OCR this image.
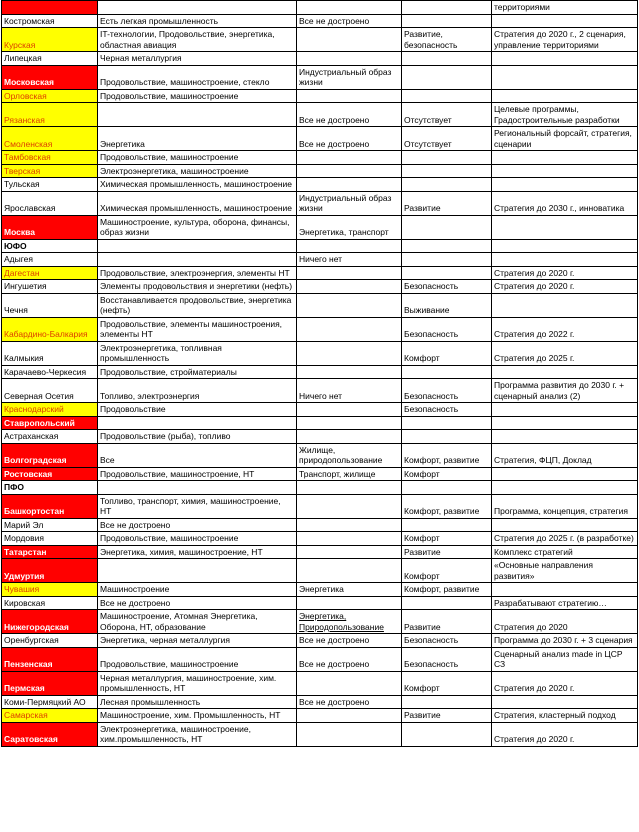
				территориями
Костромская	Есть легкая промышленность	Все не достроено		
Курская	IT-технологии, Продовольствие, энергетика, областная авиация		Развитие, безопасность	Стратегия до 2020 г., 2 сценария, управление территориями
Липецкая	Черная металлургия			
Московская	Продовольствие, машиностроение, стекло	Индустриальный образ жизни		
Орловская	Продовольствие, машиностроение			
Рязанская		Все не достроено	Отсутствует	Целевые программы, Градостроительные разработки
Смоленская	Энергетика	Все не достроено	Отсутствует	Региональный форсайт, стратегия, сценарии
Тамбовская	Продовольствие, машиностроение			
Тверская	Электроэнергетика, машиностроение			
Тульская	Химическая промышленность, машиностроение			
Ярославская	Химическая промышленность, машиностроение	Индустриальный образ жизни	Развитие	Стратегия до 2030 г., инноватика
Москва	Машиностроение, культура, оборона, финансы, образ жизни	Энергетика, транспорт		
ЮФО				
Адыгея		Ничего нет		
Дагестан	Продовольствие, электроэнергия, элементы НТ			Стратегия до 2020 г.
Ингушетия	Элементы продовольствия и энергетики (нефть)		Безопасность	Стратегия до 2020 г.
Чечня	Восстанавливается продовольствие, энергетика (нефть)		Выживание	
Кабардино-Балкария	Продовольствие, элементы машиностроения, элементы НТ		Безопасность	Стратегия до 2022 г.
Калмыкия	Электроэнергетика, топливная промышленность		Комфорт	Стратегия до 2025 г.
Карачаево-Черкесия	Продовольствие, стройматериалы			
Северная Осетия	Топливо, электроэнергия	Ничего нет	Безопасность	Программа развития до 2030 г. + сценарный анализ (2)
Краснодарский	Продовольствие		Безопасность	
Ставропольский				
Астраханская	Продовольствие (рыба), топливо			
Волгоградская	Все	Жилище, природопользование	Комфорт, развитие	Стратегия, ФЦП, Доклад
Ростовская	Продовольствие, машиностроение, НТ	Транспорт, жилище	Комфорт	
ПФО				
Башкортостан	Топливо, транспорт, химия, машиностроение, НТ		Комфорт, развитие	Программа, концепция, стратегия
Марий Эл	Все не достроено			
Мордовия	Продовольствие, машиностроение		Комфорт	Стратегия до 2025 г. (в разработке)
Татарстан	Энергетика, химия, машиностроение, НТ		Развитие	Комплекс стратегий
Удмуртия			Комфорт	«Основные направления развития»
Чувашия	Машиностроение	Энергетика	Комфорт, развитие	
Кировская	Все не достроено			Разрабатывают стратегию…
Нижегородская	Машиностроение, Атомная Энергетика, Оборона, НТ, образование	Энергетика, Природопользование	Развитие	Стратегия до 2020
Оренбургская	Энергетика, черная металлургия	Все не достроено	Безопасность	Программа до 2030 г. + 3 сценария
Пензенская	Продовольствие, машиностроение	Все не достроено	Безопасность	Сценарный анализ made in ЦСР СЗ
Пермская	Черная металлургия, машиностроение, хим. промышленность, НТ		Комфорт	Стратегия до 2020 г.
Коми-Пермяцкий АО	Лесная промышленность	Все не достроено		
Самарская	Машиностроение, хим. Промышленность, НТ		Развитие	Стратегия, кластерный подход
Саратовская	Электроэнергетика, машиностроение, хим.промышленность, НТ			Стратегия до 2020 г.
